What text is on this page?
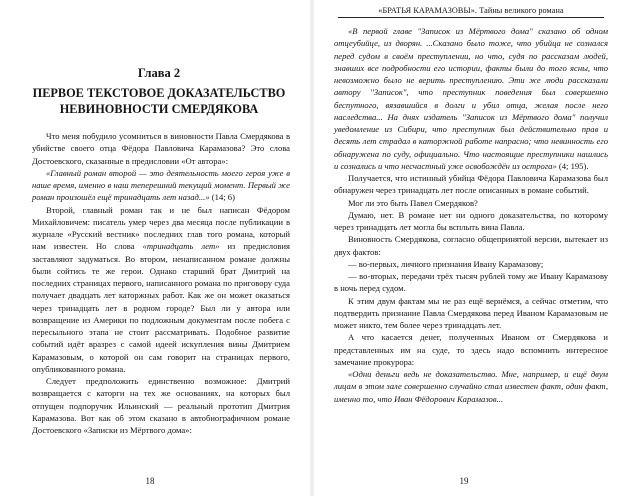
Глава 2
ПЕРВОЕ ТЕКСТОВОЕ ДОКАЗАТЕЛЬСТВО
НЕВИНОВНОСТИ СМЕРДЯКОВА

Что меня побудило усомниться в виновности Павла Смердякова в убийстве своего отца Фёдора Павловича Карамазова? Это слова Достоевского, сказанные в предисловии «От автора»:

«Главный роман второй — это деятельность моего героя уже в наше время, именно в наш теперешний текущий момент. Первый же роман произошёл ещё тринадцать лет назад...» (14; 6)

Второй, главный роман так и не был написан Фёдором Михайловичем: писатель умер через два месяца после публикации в журнале «Русский вестник» последних глав того романа, который нам известен. Но слова «тринадцать лет» из предисловия заставляют задуматься. Во втором, ненаписанном романе должны были сойтись те же герои. Однако старший брат Дмитрий на последних страницах первого, написанного романа по приговору суда получает двадцать лет каторжных работ. Как же он может оказаться через тринадцать лет в родном городе? Был ли у автора или возвращение из Америки по подложным документам после побега с пересыльного этапа не стоит рассматривать. Подобное развитие событий идёт вразрез с самой идеей искупления вины Дмитрием Карамазовым, о которой он сам говорит на страницах первого, опубликованного романа.

Следует предположить единственно возможное: Дмитрий возвращается с каторги на тех же основаниях, на которых был отпущен подпоручик Ильинский — реальный прототип Дмитрия Карамазова. Вот как об этом сказано в автобиографичном романе Достоевского «Записки из Мёртвого дома»:

18
«БРАТЬЯ КАРАМАЗОВЫ». Тайны великого романа

«В первой главе "Записок из Мёртвого дома" сказано об одном отцеубийце, из дворян. ...Сказано было тоже, что убийца не сознался перед судом в своём преступлении, но что, судя по рассказам людей, знавших все подробности его истории, факты были до того ясны, что невозможно было не верить преступлению. Эти же люди рассказали автору "Записок", что преступник поведения был совершенно беспутного, вязавшийся в долги и убил отца, желая после него наследства... На днях издатель "Записок из Мёртвого дома" получил уведомление из Сибири, что преступник был действительно прав и десять лет страдал в каторжной работе напрасно; что невинность его обнаружена по суду, официально. Что настоящие преступники нашлись и сознались и что несчастный уже освобождён из острога» (4; 195).

Получается, что истинный убийца Фёдора Павловича Карамазова был обнаружен через тринадцать лет после описанных в романе событий.

Мог ли это быть Павел Смердяков?

Думаю, нет. В романе нет ни одного доказательства, по которому через тринадцать лет могла бы всплыть вина Павла.

Виновность Смердякова, согласно общепринятой версии, вытекает из двух фактов:

— во-первых, личного признания Ивану Карамазову;

— во-вторых, передачи трёх тысяч рублей тому же Ивану Карамазову в ночь перед судом.

К этим двум фактам мы не раз ещё вернёмся, а сейчас отметим, что подтвердить признание Павла Смердякова перед Иваном Карамазовым не может никто, тем более через тринадцать лет.

А что касается денег, полученных Иваном от Смердякова и представленных им на суде, то здесь надо вспомнить интересное замечание прокурора:

«Одни деньги ведь не доказательство. Мне, например, и ещё двум лицам в этом зале совершенно случайно стал известен факт, один факт, именно то, что Иван Фёдорович Карамазов...

19
